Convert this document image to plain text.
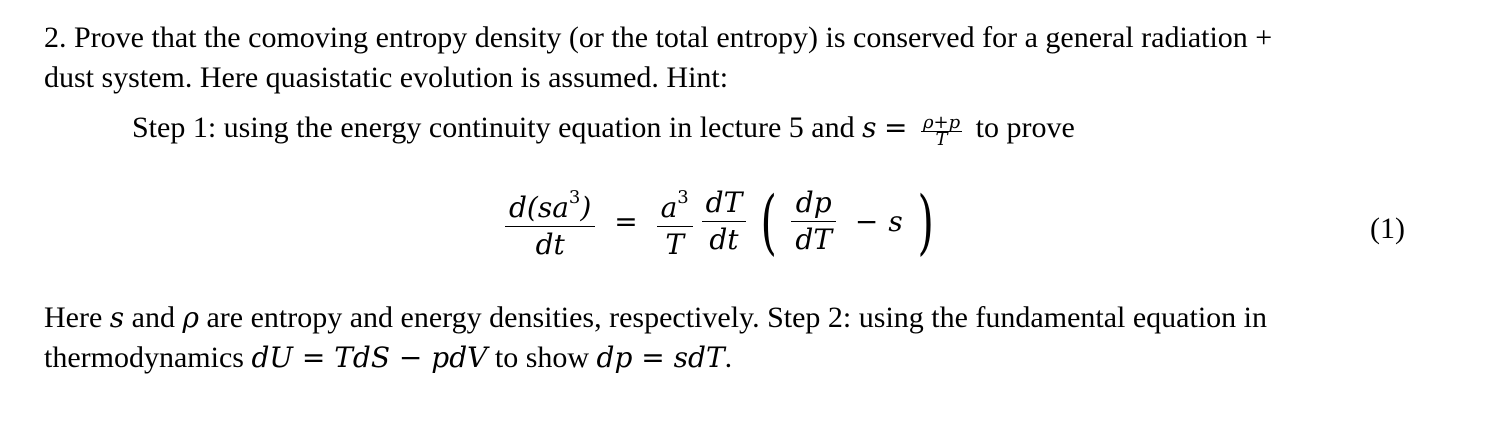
2. Prove that the comoving entropy density (or the total entropy) is conserved for a general radiation +
dust system. Here quasistatic evolution is assumed. Hint:
Step 1: using the energy continuity equation in lecture 5 and $s = \frac{\rho+p}{T}$ to prove
$\frac{d(sa^3)}{dt} = \frac{a^3}{T}$
$\frac{dT}{dt}$ ( $\frac{dp}{dT} - s$ )	(1)
Here s and ρ are entropy and energy densities, respectively. Step 2: using the fundamental equation in
thermodynamics dU = TdS − pdV to show dp = sdT.
